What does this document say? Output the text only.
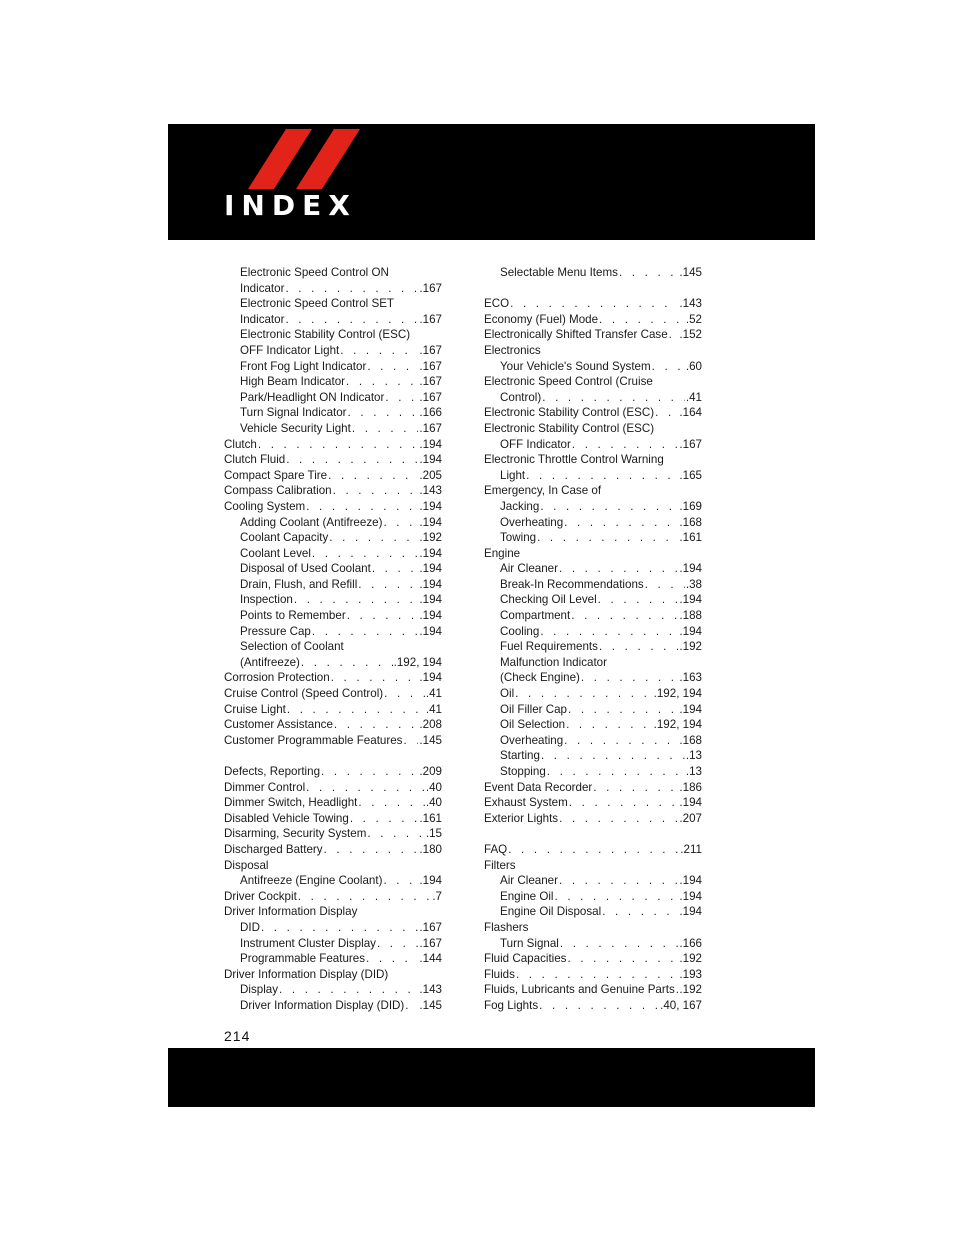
INDEX
Electronic Speed Control ON
Indicator . . .	.167
Electronic Speed Control SET
Indicator . . .	.167
Electronic Stability Control (ESC)
OFF Indicator Light . . .	.167
Front Fog Light Indicator . . .	.167
High Beam Indicator . . .	.167
Park/Headlight ON Indicator . . .	.167
Turn Signal Indicator . . .	.166
Vehicle Security Light . . .	.167
Clutch . . .	.194
Clutch Fluid . . .	.194
Compact Spare Tire . . .	.205
Compass Calibration . . .	.143
Cooling System . . .	.194
Adding Coolant (Antifreeze) . . .	.194
Coolant Capacity . . .	.192
Coolant Level . . .	.194
Disposal of Used Coolant . . .	.194
Drain, Flush, and Refill . . .	.194
Inspection . . .	.194
Points to Remember . . .	.194
Pressure Cap . . .	.194
Selection of Coolant
(Antifreeze) . . .	.192, 194
Corrosion Protection . . .	.194
Cruise Control (Speed Control) . . .	.41
Cruise Light . . .	.41
Customer Assistance . . .	.208
Customer Programmable Features . . . .145
Defects, Reporting . . .	.209
Dimmer Control . . .	.40
Dimmer Switch, Headlight . . .	.40
Disabled Vehicle Towing . . .	.161
Disarming, Security System . . .	.15
Discharged Battery . . .	.180
Disposal
Antifreeze (Engine Coolant) . . .	.194
Driver Cockpit . . .	.7
Driver Information Display
DID . . .	.167
Instrument Cluster Display . . .	.167
Programmable Features . . .	.144
Driver Information Display (DID)
Display . . .	.143
Driver Information Display (DID) . . . .145
Selectable Menu Items . . .	.145
ECO . . .	.143
Economy (Fuel) Mode . . .	.52
Electronically Shifted Transfer Case . . . .152
Electronics
Your Vehicle's Sound System . . .	.60
Electronic Speed Control (Cruise
Control) . . .	.41
Electronic Stability Control (ESC) . . . .164
Electronic Stability Control (ESC)
OFF Indicator . . .	.167
Electronic Throttle Control Warning
Light . . .	.165
Emergency, In Case of
Jacking . . .	.169
Overheating . . .	.168
Towing . . .	.161
Engine
Air Cleaner . . .	.194
Break-In Recommendations . . .	.38
Checking Oil Level . . .	.194
Compartment . . .	.188
Cooling . . .	.194
Fuel Requirements . . .	.192
Malfunction Indicator
(Check Engine) . . .	.163
Oil . . .	.192, 194
Oil Filler Cap . . .	.194
Oil Selection . . .	.192, 194
Overheating . . .	.168
Starting . . .	.13
Stopping . . .	.13
Event Data Recorder . . .	.186
Exhaust System . . .	.194
Exterior Lights . . .	.207
FAQ . . .	.211
Filters
Air Cleaner . . .	.194
Engine Oil . . .	.194
Engine Oil Disposal . . .	.194
Flashers
Turn Signal . . .	.166
Fluid Capacities . . .	.192
Fluids . . .	.193
Fluids, Lubricants and Genuine Parts . . . .192
Fog Lights . . .	.40, 167
214
